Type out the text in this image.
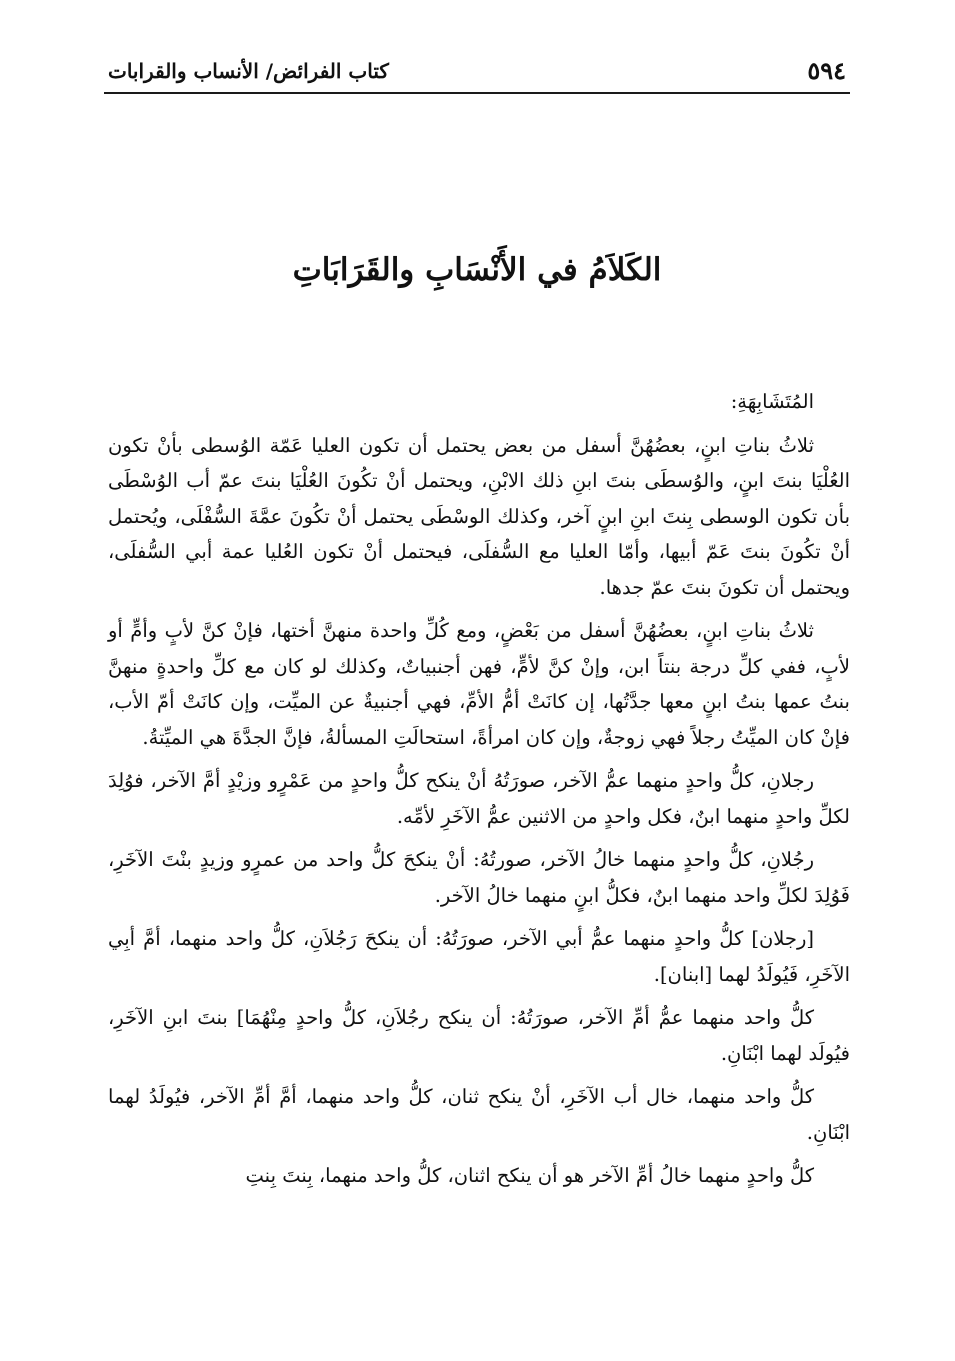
٥٩٤
كتاب الفرائض/ الأنساب والقرابات
الكَلاَمُ في الأَنْسَابِ والقَرَابَاتِ

المُتَشَابِهَةِ:

ثلاثُ بناتِ ابنٍ، بعضُهُنَّ أسفل من بعض يحتمل أن تكون العليا عَمّة الوُسطى بأنْ تكون العُلْيَا بنتَ ابنٍ، والوُسطَى بنتَ ابنِ ذلك الابْنِ، ويحتمل أنْ تكُونَ العُلْيَا بنتَ عمّ أب الوُسْطَى بأن تكون الوسطى بِنتَ ابنِ ابنٍ آخر، وكذلك الوسْطَى يحتمل أنْ تكُونَ عمَّةَ السُّفْلَى، ويُحتمل أنْ تكُونَ بنتَ عَمّ أبيها، وأمّا العليا مع السُّفلَى، فيحتمل أنْ تكون العُليا عمة أبي السُّفلَى، ويحتمل أن تكونَ بنتَ عمّ جدها.

ثلاثُ بناتِ ابنٍ، بعضُهُنَّ أسفل من بَعْضٍ، ومع كُلِّ واحدة منهنَّ أختها، فإنْ كنَّ لأبٍ وأمٍّ أو لأبٍ، ففي كلِّ درجة بنتاً ابن، وإنْ كنَّ لأمٍّ، فهن أجنبياتٌ، وكذلك لو كان مع كلِّ واحدةٍ منهنَّ بنتُ عمها بنتُ ابنٍ معها جدَّتُها، إن كانَتْ أمُّ الأمِّ، فهي أجنبيةٌ عن الميِّت، وإن كانَتْ أمّ الأب، فإنْ كان الميِّتُ رجلاً فهي زوجةٌ، وإن كان امرأةً، استحالَتِ المسألةُ، فإنَّ الجدَّةَ هي الميِّتةُ.

رجلانِ، كلُّ واحدٍ منهما عمُّ الآخر، صورَتُهُ أنْ ينكح كلُّ واحدٍ من عَمْرٍو وزيْدٍ أمَّ الآخر، فوُلِدَ لكلِّ واحدٍ منهما ابنٌ، فكل واحدٍ من الاثنين عمُّ الآخَرِ لأمِّه.

رجُلانِ، كلُّ واحدٍ منهما خالُ الآخر، صورتُهُ: أنْ ينكحَ كلُّ واحد من عمرٍو وزيدٍ بنْتَ الآخَرِ، فَوُلِدَ لكلِّ واحد منهما ابنٌ، فكلُّ ابنٍ منهما خالُ الآخر.

[رجلان] كلُّ واحدٍ منهما عمُّ أبي الآخر، صورَتُهُ: أن ينكحَ رَجُلاَنِ، كلُّ واحد منهما، أمَّ أبِي الآخَرِ، فَيُولَدُ لهما [ابنان].

كلُّ واحد منهما عمُّ أمِّ الآخر، صورَتُهُ: أن ينكح رجُلاَنِ، كلُّ واحدٍ مِنْهُمَا] بنتَ ابنِ الآخَرِ، فيُولَد لهما ابْنَانِ.

كلُّ واحد منهما، خال أب الآخَرِ، أنْ ينكح ثنان، كلُّ واحد منهما، أمَّ أمِّ الآخر، فيُولَدُ لهما ابْنَانِ.

كلُّ واحدٍ منهما خالُ أمِّ الآخر هو أن ينكح اثنان، كلُّ واحد منهما، بِنتَ بِنتِ
